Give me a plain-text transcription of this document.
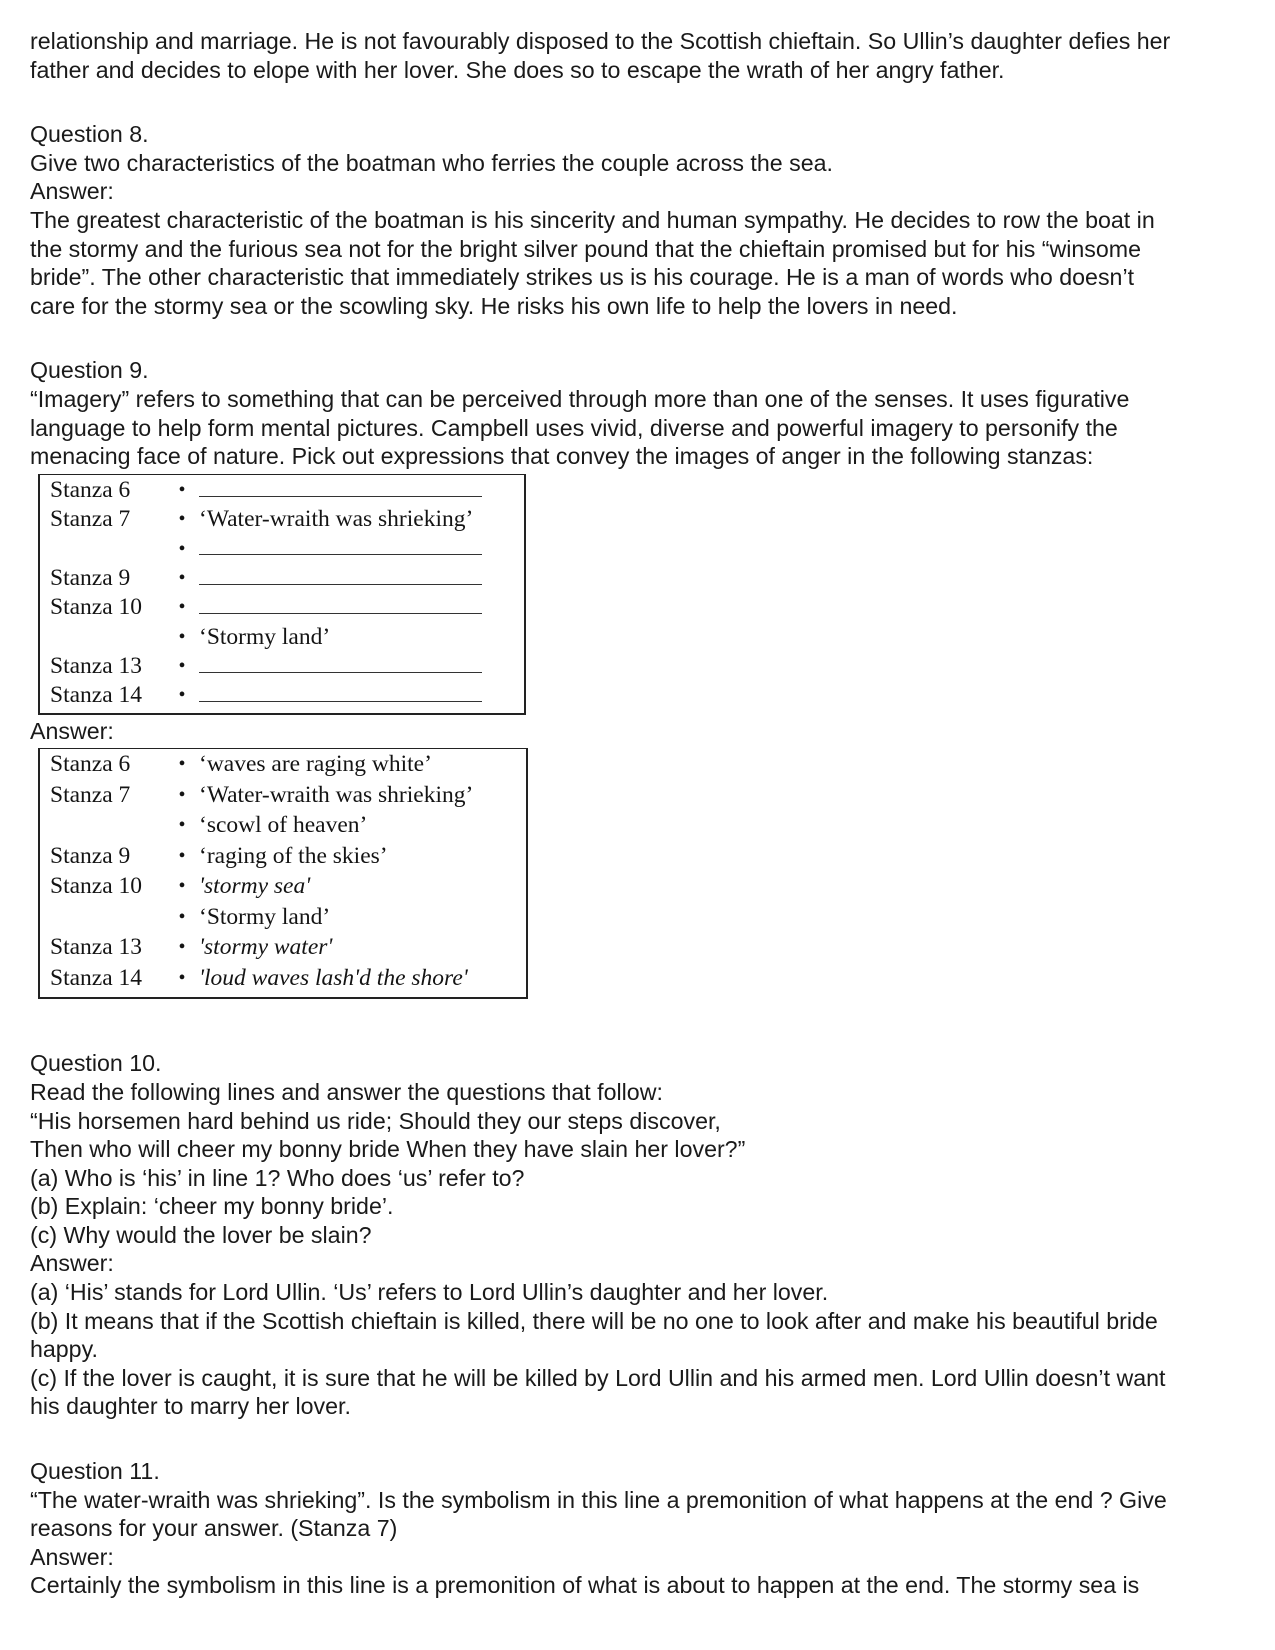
relationship and marriage. He is not favourably disposed to the Scottish chieftain. So Ullin’s daughter defies her

father and decides to elope with her lover. She does so to escape the wrath of her angry father.

Question 8.

Give two characteristics of the boatman who ferries the couple across the sea.

Answer:

The greatest characteristic of the boatman is his sincerity and human sympathy. He decides to row the boat in

the stormy and the furious sea not for the bright silver pound that the chieftain promised but for his “winsome

bride”. The other characteristic that immediately strikes us is his courage. He is a man of words who doesn’t

care for the stormy sea or the scowling sky. He risks his own life to help the lovers in need.

Question 9.

“Imagery” refers to something that can be perceived through more than one of the senses. It uses figurative

language to help form mental pictures. Campbell uses vivid, diverse and powerful imagery to personify the

menacing face of nature. Pick out expressions that convey the images of anger in the following stanzas:

Stanza 6	•
Stanza 7	• ‘Water-wraith was shrieking’
•
Stanza 9	•
Stanza 10	•
• ‘Stormy land’
Stanza 13	•
Stanza 14	•

Answer:

Stanza 6	• ‘waves are raging white’
Stanza 7	• ‘Water-wraith was shrieking’
• ‘scowl of heaven’
Stanza 9	• ‘raging of the skies’
Stanza 10	• 'stormy sea'
• ‘Stormy land’
Stanza 13	• 'stormy water'
Stanza 14	• 'loud waves lash'd the shore'

Question 10.

Read the following lines and answer the questions that follow:

“His horsemen hard behind us ride; Should they our steps discover,

Then who will cheer my bonny bride When they have slain her lover?”

(a) Who is ‘his’ in line 1? Who does ‘us’ refer to?

(b) Explain: ‘cheer my bonny bride’.

(c) Why would the lover be slain?

Answer:

(a) ‘His’ stands for Lord Ullin. ‘Us’ refers to Lord Ullin’s daughter and her lover.

(b) It means that if the Scottish chieftain is killed, there will be no one to look after and make his beautiful bride

happy.

(c) If the lover is caught, it is sure that he will be killed by Lord Ullin and his armed men. Lord Ullin doesn’t want

his daughter to marry her lover.

Question 11.

“The water-wraith was shrieking”. Is the symbolism in this line a premonition of what happens at the end ? Give

reasons for your answer. (Stanza 7)

Answer:

Certainly the symbolism in this line is a premonition of what is about to happen at the end. The stormy sea is
